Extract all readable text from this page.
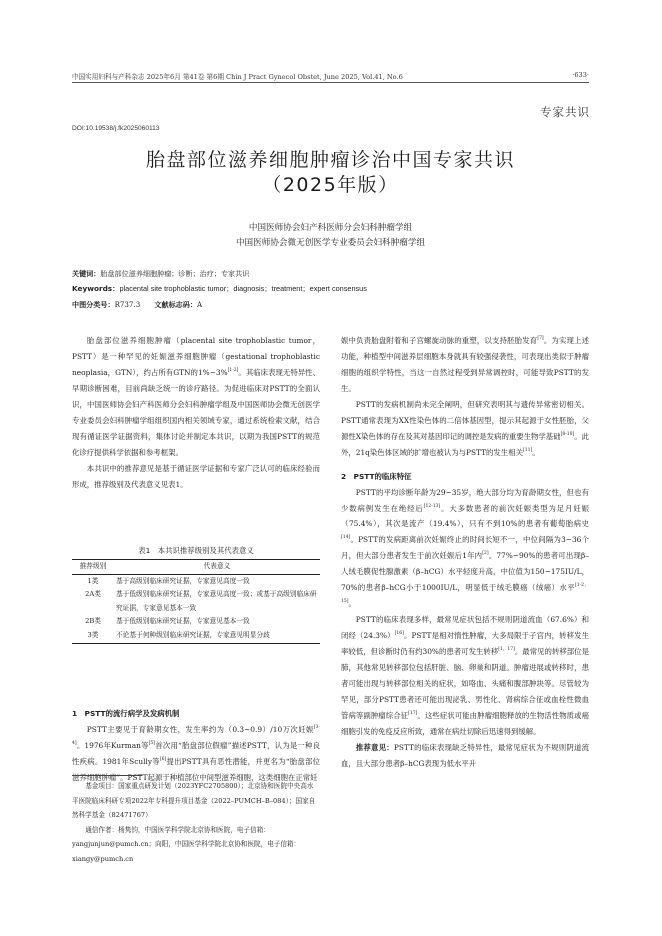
中国实用妇科与产科杂志 2025年6月 第41卷 第6期 Chin J Pract Gynecol Obstet, June 2025, Vol.41, No.6	·633·
专家共识
DOI:10.19538/j.fk2025060113
胎盘部位滋养细胞肿瘤诊治中国专家共识
（2025年版）
中国医师协会妇产科医师分会妇科肿瘤学组
中国医师协会微无创医学专业委员会妇科肿瘤学组
关键词：胎盘部位滋养细胞肿瘤；诊断；治疗；专家共识
Keywords：placental site trophoblastic tumor；diagnosis；treatment；expert consensus
中图分类号：R737.3   文献标志码：A

胎盘部位滋养细胞肿瘤（placental site trophoblastic tumor，PSTT）是一种罕见的妊娠滋养细胞肿瘤（gestational trophoblastic neoplasia，GTN），约占所有GTN的1%~3%[1-2]。其临床表现无特异性、早期诊断困难，目前尚缺乏统一的诊疗路径。为促进临床对PSTT的全面认识，中国医师协会妇产科医师分会妇科肿瘤学组及中国医师协会微无创医学专业委员会妇科肿瘤学组组织国内相关领域专家，通过系统检索文献，结合现有循证医学证据资料，集体讨论并制定本共识，以期为我国PSTT的规范化诊疗提供科学依据和参考框架。

本共识中的推荐意见是基于循证医学证据和专家广泛认可的临床经验而形成，推荐级别及代表意义见表1。

表1　本共识推荐级别及其代表意义
推荐级别	代表意义
1类	基于高级别临床研究证据，专家意见高度一致
2A类	基于低级别临床研究证据，专家意见高度一致；或基于高级别临床研究证据，专家意见基本一致
2B类	基于低级别临床研究证据，专家意见基本一致
3类	不论基于何种级别临床研究证据，专家意见明显分歧
1　PSTT的流行病学及发病机制

PSTT主要见于育龄期女性，发生率约为（0.3~0.9）/10万次妊娠[3-4]。1976年Kurman等[5]首次用“胎盘部位假瘤”描述PSTT，认为是一种良性疾病。1981年Scully等[6]提出PSTT具有恶性潜能，并更名为“胎盘部位滋养细胞肿瘤”。PSTT起源于种植部位中间型滋养细胞，这类细胞在正常妊

基金项目：国家重点研发计划（2023YFC2705800）；北京协和医院中央高水平医院临床科研专项2022年专科提升项目基金（2022–PUMCH–B–084）；国家自然科学基金（82471767）

通信作者：杨隽钧，中国医学科学院北京协和医院，电子信箱：yangjunjun@pumch.cn；向阳，中国医学科学院北京协和医院，电子信箱：xiangy@pumch.cn

娠中负责胎盘附着和子宫螺旋动脉的重塑，以支持胚胎发育[7]。为实现上述功能，种植型中间滋养层细胞本身就具有较强侵袭性，可表现出类似于肿瘤细胞的组织学特性，当这一自然过程受到异常调控时，可能导致PSTT的发生。

PSTT的发病机制尚未完全阐明，但研究表明其与遗传异常密切相关。PSTT通常表现为XX性染色体的二倍体基因型，提示其起源于女性胚胎，父源性X染色体的存在及其对基因印记的调控是发病的重要生物学基础[8-10]。此外，21q染色体区域的扩增也被认为与PSTT的发生相关[11]。

2　PSTT的临床特征

PSTT的平均诊断年龄为29~35岁，绝大部分均为育龄期女性，但也有少数病例发生在绝经后[12-13]。大多数患者的前次妊娠类型为足月妊娠（75.4%），其次是流产（19.4%），只有不到10%的患者有葡萄胎病史[14]。PSTT的发病距离前次妊娠终止的时间长短不一，中位间隔为3~36个月，但大部分患者发生于前次妊娠后1年内[2]。77%~90%的患者可出现β–人绒毛膜促性腺激素（β–hCG）水平轻度升高，中位值为150~175IU/L，70%的患者β–hCG小于1000IU/L，明显低于绒毛膜癌（绒癌）水平[1-2，15]。

PSTT的临床表现多样，最常见症状包括不规则阴道流血（67.6%）和闭经（24.3%）[16]。PSTT是相对惰性肿瘤，大多局限于子宫内，转移发生率较低，但诊断时仍有约30%的患者可发生转移[1，17]。最常见的转移部位是肺，其他常见转移部位包括肝脏、脑、卵巢和阴道。肿瘤进展或转移时，患者可能出现与转移部位相关的症状，如咯血、头痛和腹部肿块等。尽管较为罕见，部分PSTT患者还可能出现泌乳、男性化、肾病综合征或血栓性微血管病等副肿瘤综合征[17]。这些症状可能由肿瘤细胞释放的生物活性物质或癌细胞引发的免疫反应所致，通常在病灶切除后迅速得到缓解。

推荐意见：PSTT的临床表现缺乏特异性，最常见症状为不规则阴道流血，且大部分患者β–hCG表现为低水平升
